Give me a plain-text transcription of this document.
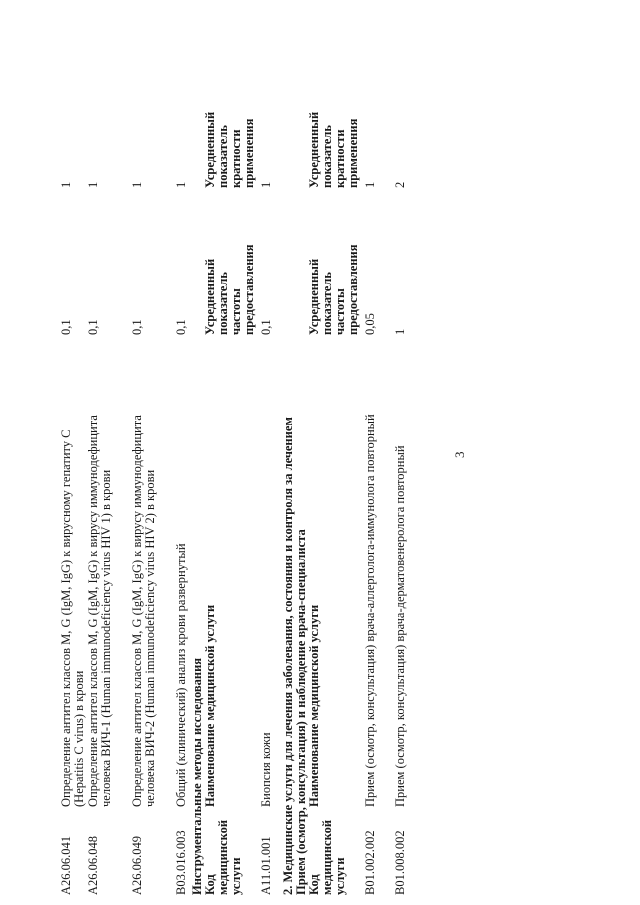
3
A26.06.041
Определение антител классов M, G (IgM, IgG) к вирусному гепатиту C (Hepatitis C virus) в крови
0,1
1
A26.06.048
Определение антител классов M, G (IgM, IgG) к вирусу иммунодефицита человека ВИЧ-1 (Human immunodeficiency virus HIV 1) в крови
0,1
1
A26.06.049
Определение антител классов M, G (IgM, IgG) к вирусу иммунодефицита человека ВИЧ-2 (Human immunodeficiency virus HIV 2) в крови
0,1
1
B03.016.003
Общий (клинический) анализ крови развернутый
0,1
1
Инструментальные методы исследования Код медицинской услуги
Наименование медицинской услуги
Усредненный показатель частоты предоставления
Усредненный показатель кратности применения
A11.01.001
Биопсия кожи
0,1
1
2. Медицинские услуги для лечения заболевания, состояния и контроля за лечением Прием (осмотр, консультация) и наблюдение врача-специалиста Код медицинской услуги
Наименование медицинской услуги
Усредненный показатель частоты предоставления
Усредненный показатель кратности применения
B01.002.002
Прием (осмотр, консультация) врача-аллерголога-иммунолога повторный
0,05
1
B01.008.002
Прием (осмотр, консультация) врача-дерматовенеролога повторный
1
2
